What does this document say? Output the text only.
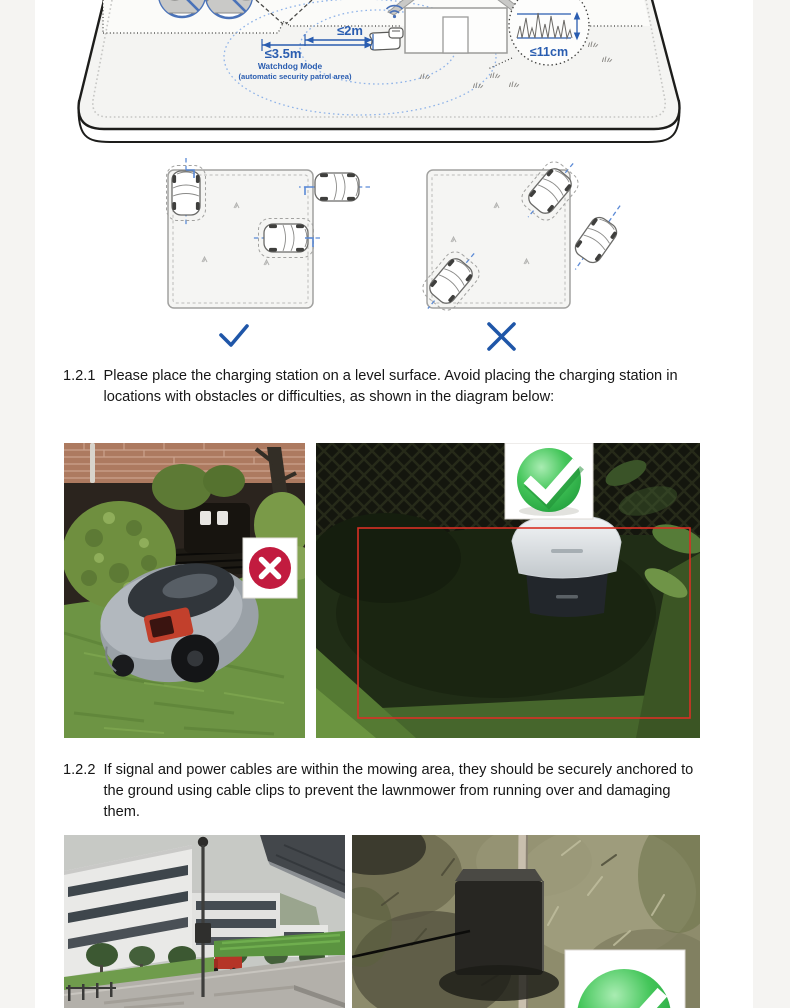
≤2m
≤3.5m
Watchdog Mode
(automatic security patrol area)
≤11cm
1.2.1 Please place the charging station on a level surface. Avoid placing the charging station in locations with obstacles or difficulties, as shown in the diagram below:
1.2.2 If signal and power cables are within the mowing area, they should be securely anchored to the ground using cable clips to prevent the lawnmower from running over and damaging them.
